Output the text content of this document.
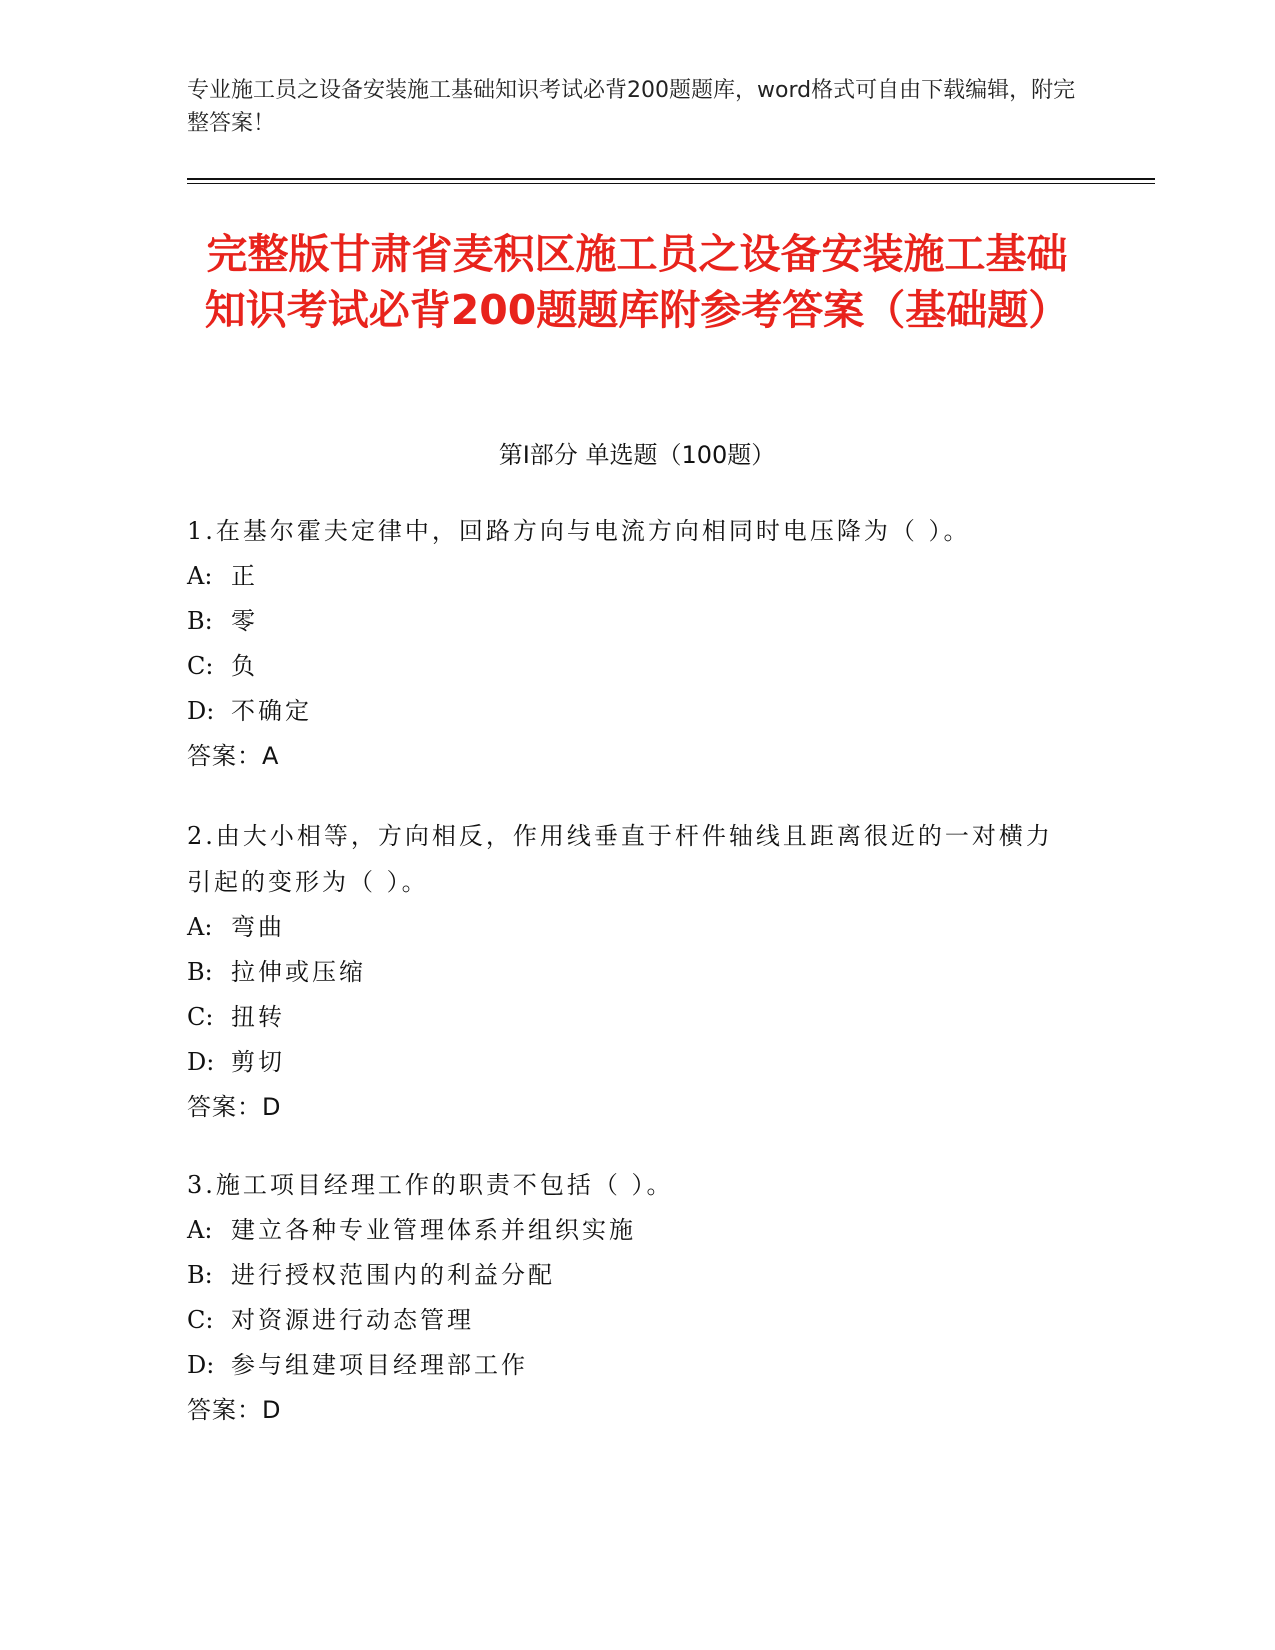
专业施工员之设备安装施工基础知识考试必背200题题库，word格式可自由下载编辑，附完整答案！
完整版甘肃省麦积区施工员之设备安装施工基础知识考试必背200题题库附参考答案（基础题）
第I部分 单选题（100题）

1.在基尔霍夫定律中，回路方向与电流方向相同时电压降为（ ）。

A: 正

B: 零

C: 负

D: 不确定

答案：A

2.由大小相等，方向相反，作用线垂直于杆件轴线且距离很近的一对横力引起的变形为（ ）。

A: 弯曲

B: 拉伸或压缩

C: 扭转

D: 剪切

答案：D

3.施工项目经理工作的职责不包括（ ）。

A: 建立各种专业管理体系并组织实施

B: 进行授权范围内的利益分配

C: 对资源进行动态管理

D: 参与组建项目经理部工作

答案：D
